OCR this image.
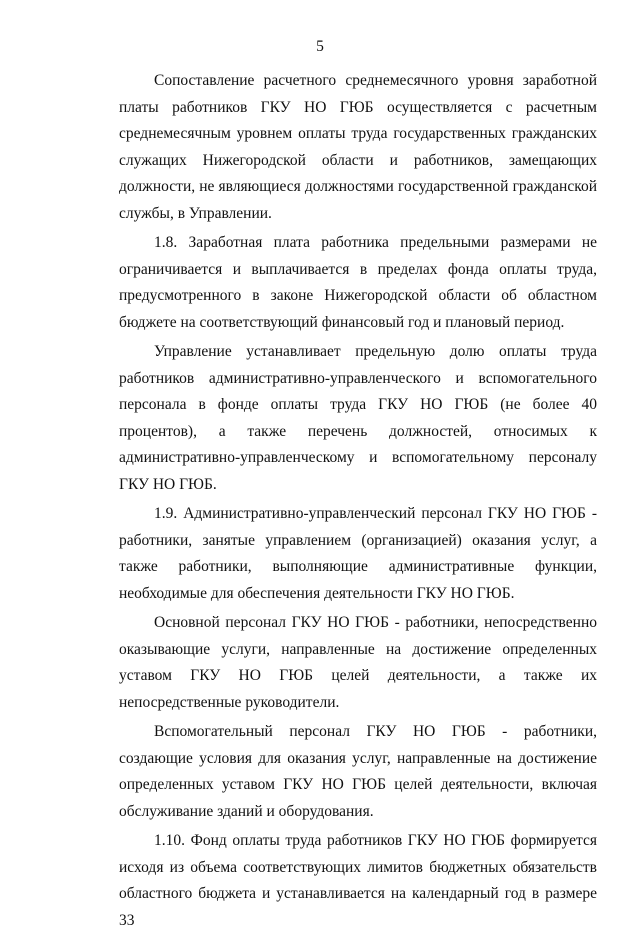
5

Сопоставление расчетного среднемесячного уровня заработной платы работников ГКУ НО ГЮБ осуществляется с расчетным среднемесячным уровнем оплаты труда государственных гражданских служащих Нижегородской области и работников, замещающих должности, не являющиеся должностями государственной гражданской службы, в Управлении.

1.8. Заработная плата работника предельными размерами не ограничивается и выплачивается в пределах фонда оплаты труда, предусмотренного в законе Нижегородской области об областном бюджете на соответствующий финансовый год и плановый период.

Управление устанавливает предельную долю оплаты труда работников административно-управленческого и вспомогательного персонала в фонде оплаты труда ГКУ НО ГЮБ (не более 40 процентов), а также перечень должностей, относимых к административно-управленческому и вспомогательному персоналу ГКУ НО ГЮБ.

1.9. Административно-управленческий персонал ГКУ НО ГЮБ - работники, занятые управлением (организацией) оказания услуг, а также работники, выполняющие административные функции, необходимые для обеспечения деятельности ГКУ НО ГЮБ.

Основной персонал ГКУ НО ГЮБ - работники, непосредственно оказывающие услуги, направленные на достижение определенных уставом ГКУ НО ГЮБ целей деятельности, а также их непосредственные руководители.

Вспомогательный персонал ГКУ НО ГЮБ - работники, создающие условия для оказания услуг, направленные на достижение определенных уставом ГКУ НО ГЮБ целей деятельности, включая обслуживание зданий и оборудования.

1.10. Фонд оплаты труда работников ГКУ НО ГЮБ формируется исходя из объема соответствующих лимитов бюджетных обязательств областного бюджета и устанавливается на календарный год в размере 33
